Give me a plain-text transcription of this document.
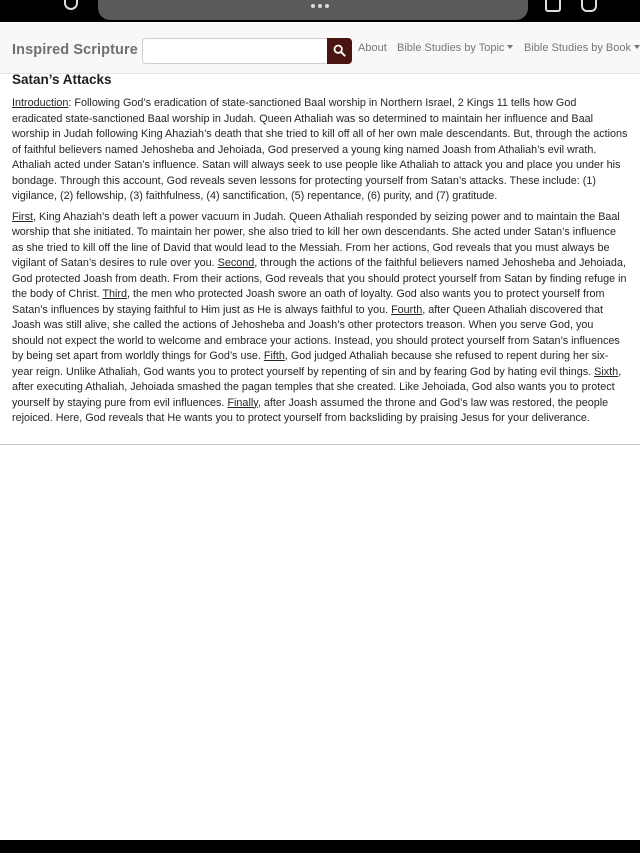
Inspired Scripture	About Bible Studies by Topic	Bible Studies by Book
Satan’s Attacks

Introduction: Following God’s eradication of state-sanctioned Baal worship in Northern Israel, 2 Kings 11 tells how God eradicated state-sanctioned Baal worship in Judah. Queen Athaliah was so determined to maintain her influence and Baal worship in Judah following King Ahaziah’s death that she tried to kill off all of her own male descendants. But, through the actions of faithful believers named Jehosheba and Jehoiada, God preserved a young king named Joash from Athaliah’s evil wrath. Athaliah acted under Satan’s influence. Satan will always seek to use people like Athaliah to attack you and place you under his bondage. Through this account, God reveals seven lessons for protecting yourself from Satan’s attacks. These include: (1) vigilance, (2) fellowship, (3) faithfulness, (4) sanctification, (5) repentance, (6) purity, and (7) gratitude.

First, King Ahaziah’s death left a power vacuum in Judah. Queen Athaliah responded by seizing power and to maintain the Baal worship that she initiated. To maintain her power, she also tried to kill her own descendants. She acted under Satan’s influence as she tried to kill off the line of David that would lead to the Messiah. From her actions, God reveals that you must always be vigilant of Satan’s desires to rule over you. Second, through the actions of the faithful believers named Jehosheba and Jehoiada, God protected Joash from death. From their actions, God reveals that you should protect yourself from Satan by finding refuge in the body of Christ. Third, the men who protected Joash swore an oath of loyalty. God also wants you to protect yourself from Satan’s influences by staying faithful to Him just as He is always faithful to you. Fourth, after Queen Athaliah discovered that Joash was still alive, she called the actions of Jehosheba and Joash’s other protectors treason. When you serve God, you should not expect the world to welcome and embrace your actions. Instead, you should protect yourself from Satan’s influences by being set apart from worldly things for God’s use. Fifth, God judged Athaliah because she refused to repent during her six-year reign. Unlike Athaliah, God wants you to protect yourself by repenting of sin and by fearing God by hating evil things. Sixth, after executing Athaliah, Jehoiada smashed the pagan temples that she created. Like Jehoiada, God also wants you to protect yourself by staying pure from evil influences. Finally, after Joash assumed the throne and God’s law was restored, the people rejoiced. Here, God reveals that He wants you to protect yourself from backsliding by praising Jesus for your deliverance.
